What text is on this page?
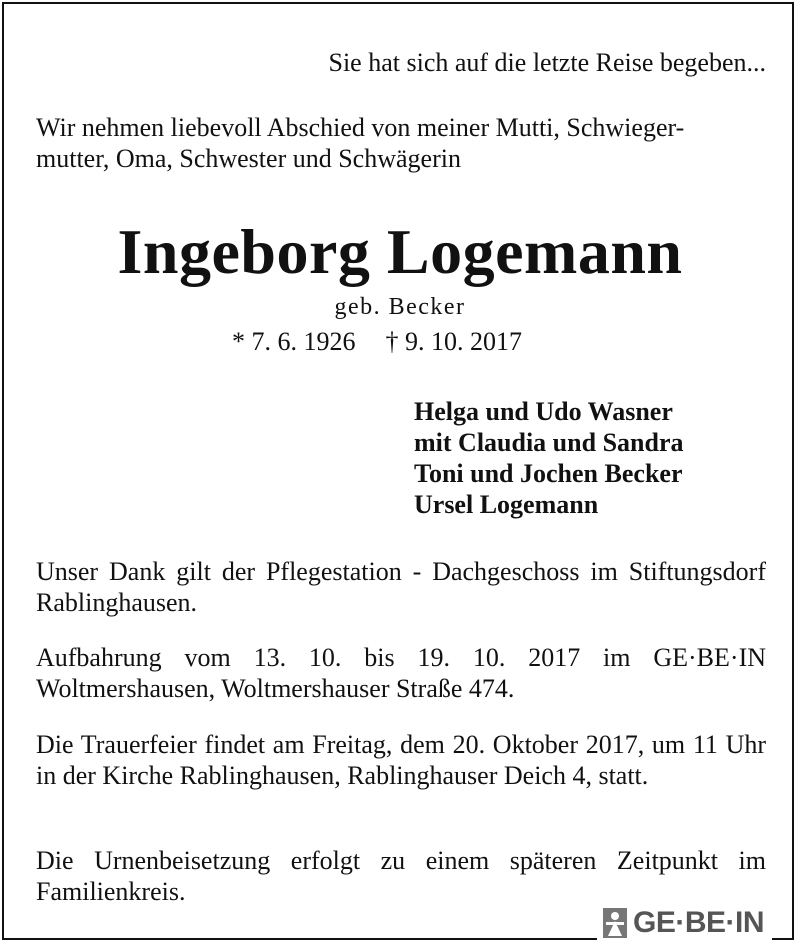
Sie hat sich auf die letzte Reise begeben...
Wir nehmen liebevoll Abschied von meiner Mutti, Schwieger-
mutter, Oma, Schwester und Schwägerin
Ingeborg Logemann
geb. Becker
* 7. 6. 1926 † 9. 10. 2017
Helga und Udo Wasner
mit Claudia und Sandra
Toni und Jochen Becker
Ursel Logemann
Unser Dank gilt der Pflegestation - Dachgeschoss im Stiftungsdorf Rablinghausen.
Aufbahrung vom 13. 10. bis 19. 10. 2017 im GE·BE·IN Woltmershausen, Woltmershauser Straße 474.
Die Trauerfeier findet am Freitag, dem 20. Oktober 2017, um 11 Uhr in der Kirche Rablinghausen, Rablinghauser Deich 4, statt.
Die Urnenbeisetzung erfolgt zu einem späteren Zeitpunkt im Familienkreis.
GE·BE·IN
